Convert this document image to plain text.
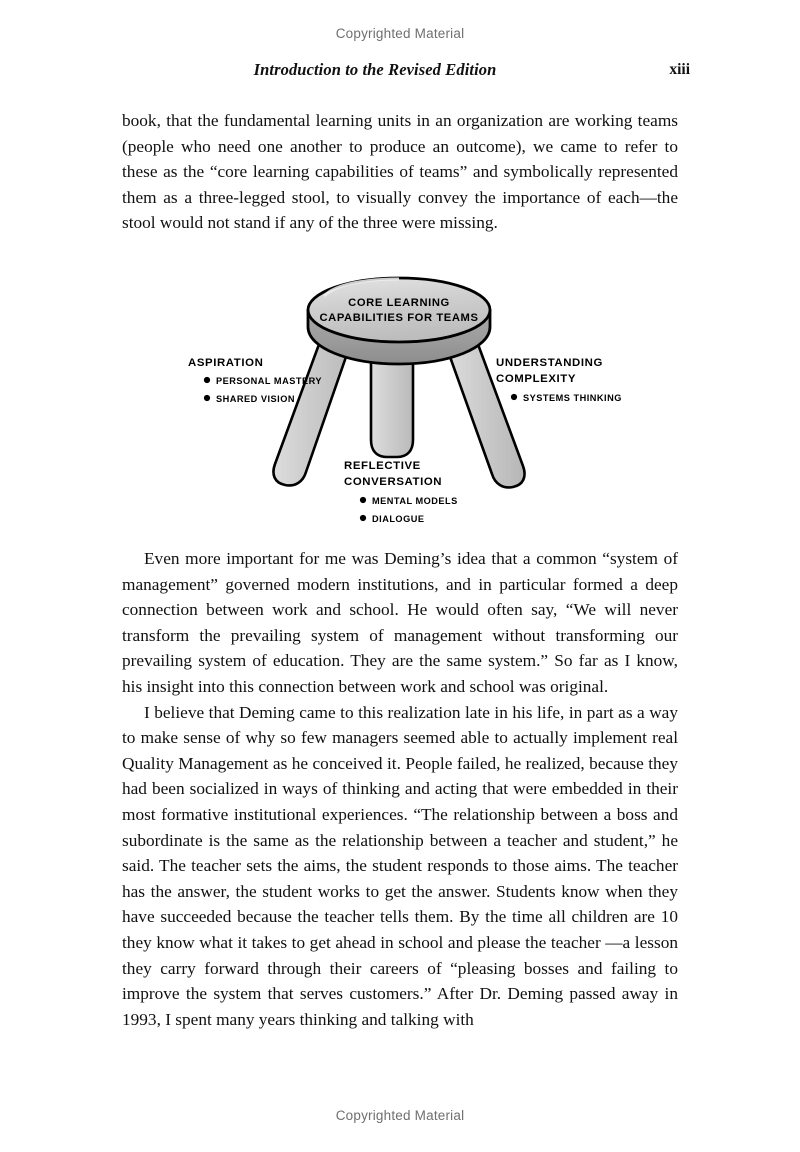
Copyrighted Material
Introduction to the Revised Edition	xiii

book, that the fundamental learning units in an organization are working teams (people who need one another to produce an outcome), we came to refer to these as the “core learning capabilities of teams” and symbolically represented them as a three-legged stool, to visually convey the importance of each—the stool would not stand if any of the three were missing.

CORE LEARNING
CAPABILITIES FOR TEAMS
ASPIRATION
PERSONAL MASTERY
SHARED VISION
UNDERSTANDING
COMPLEXITY
SYSTEMS THINKING
REFLECTIVE
CONVERSATION
MENTAL MODELS
DIALOGUE

Even more important for me was Deming’s idea that a common “system of management” governed modern institutions, and in particular formed a deep connection between work and school. He would often say, “We will never transform the prevailing system of management without transforming our prevailing system of education. They are the same system.” So far as I know, his insight into this connection between work and school was original.

I believe that Deming came to this realization late in his life, in part as a way to make sense of why so few managers seemed able to actually implement real Quality Management as he conceived it. People failed, he realized, because they had been socialized in ways of thinking and acting that were embedded in their most formative institutional experiences. “The relationship between a boss and subordinate is the same as the relationship between a teacher and student,” he said. The teacher sets the aims, the student responds to those aims. The teacher has the answer, the student works to get the answer. Students know when they have succeeded because the teacher tells them. By the time all children are 10 they know what it takes to get ahead in school and please the teacher —a lesson they carry forward through their careers of “pleasing bosses and failing to improve the system that serves customers.” After Dr. Deming passed away in 1993, I spent many years thinking and talking with

Copyrighted Material
